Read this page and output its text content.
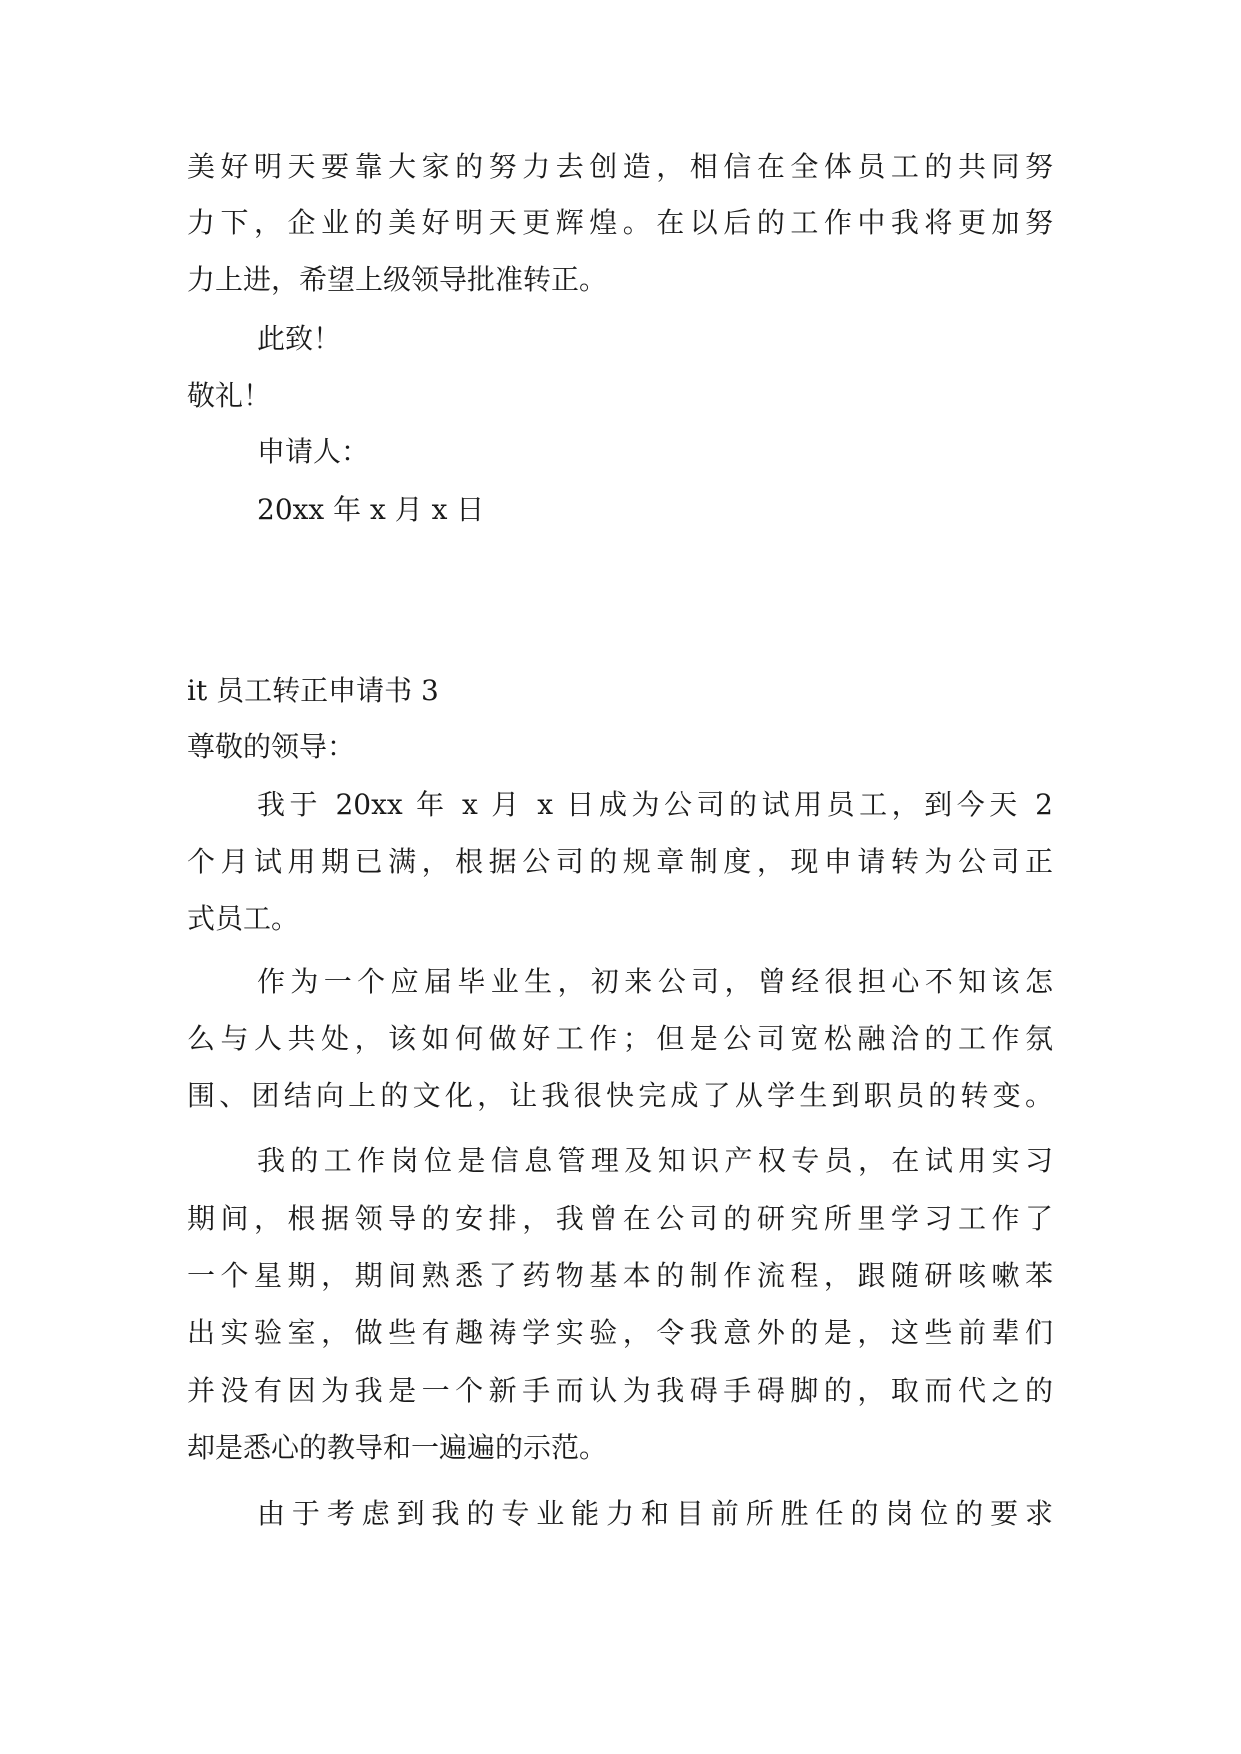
美好明天要靠大家的努力去创造，相信在全体员工的共同努
力下，企业的美好明天更辉煌。在以后的工作中我将更加努
力上进，希望上级领导批准转正。
此致！
敬礼！
申请人：
20xx 年 x 月 x 日
it 员工转正申请书 3
尊敬的领导：
我于 20xx 年 x 月 x 日成为公司的试用员工，到今天 2
个月试用期已满，根据公司的规章制度，现申请转为公司正
式员工。
作为一个应届毕业生，初来公司，曾经很担心不知该怎
么与人共处，该如何做好工作；但是公司宽松融洽的工作氛
围、团结向上的文化，让我很快完成了从学生到职员的转变。
我的工作岗位是信息管理及知识产权专员，在试用实习
期间，根据领导的安排，我曾在公司的研究所里学习工作了
一个星期，期间熟悉了药物基本的制作流程，跟随研咳嗽苯
出实验室，做些有趣祷学实验，令我意外的是，这些前辈们
并没有因为我是一个新手而认为我碍手碍脚的，取而代之的
却是悉心的教导和一遍遍的示范。
由于考虑到我的专业能力和目前所胜任的岗位的要求
